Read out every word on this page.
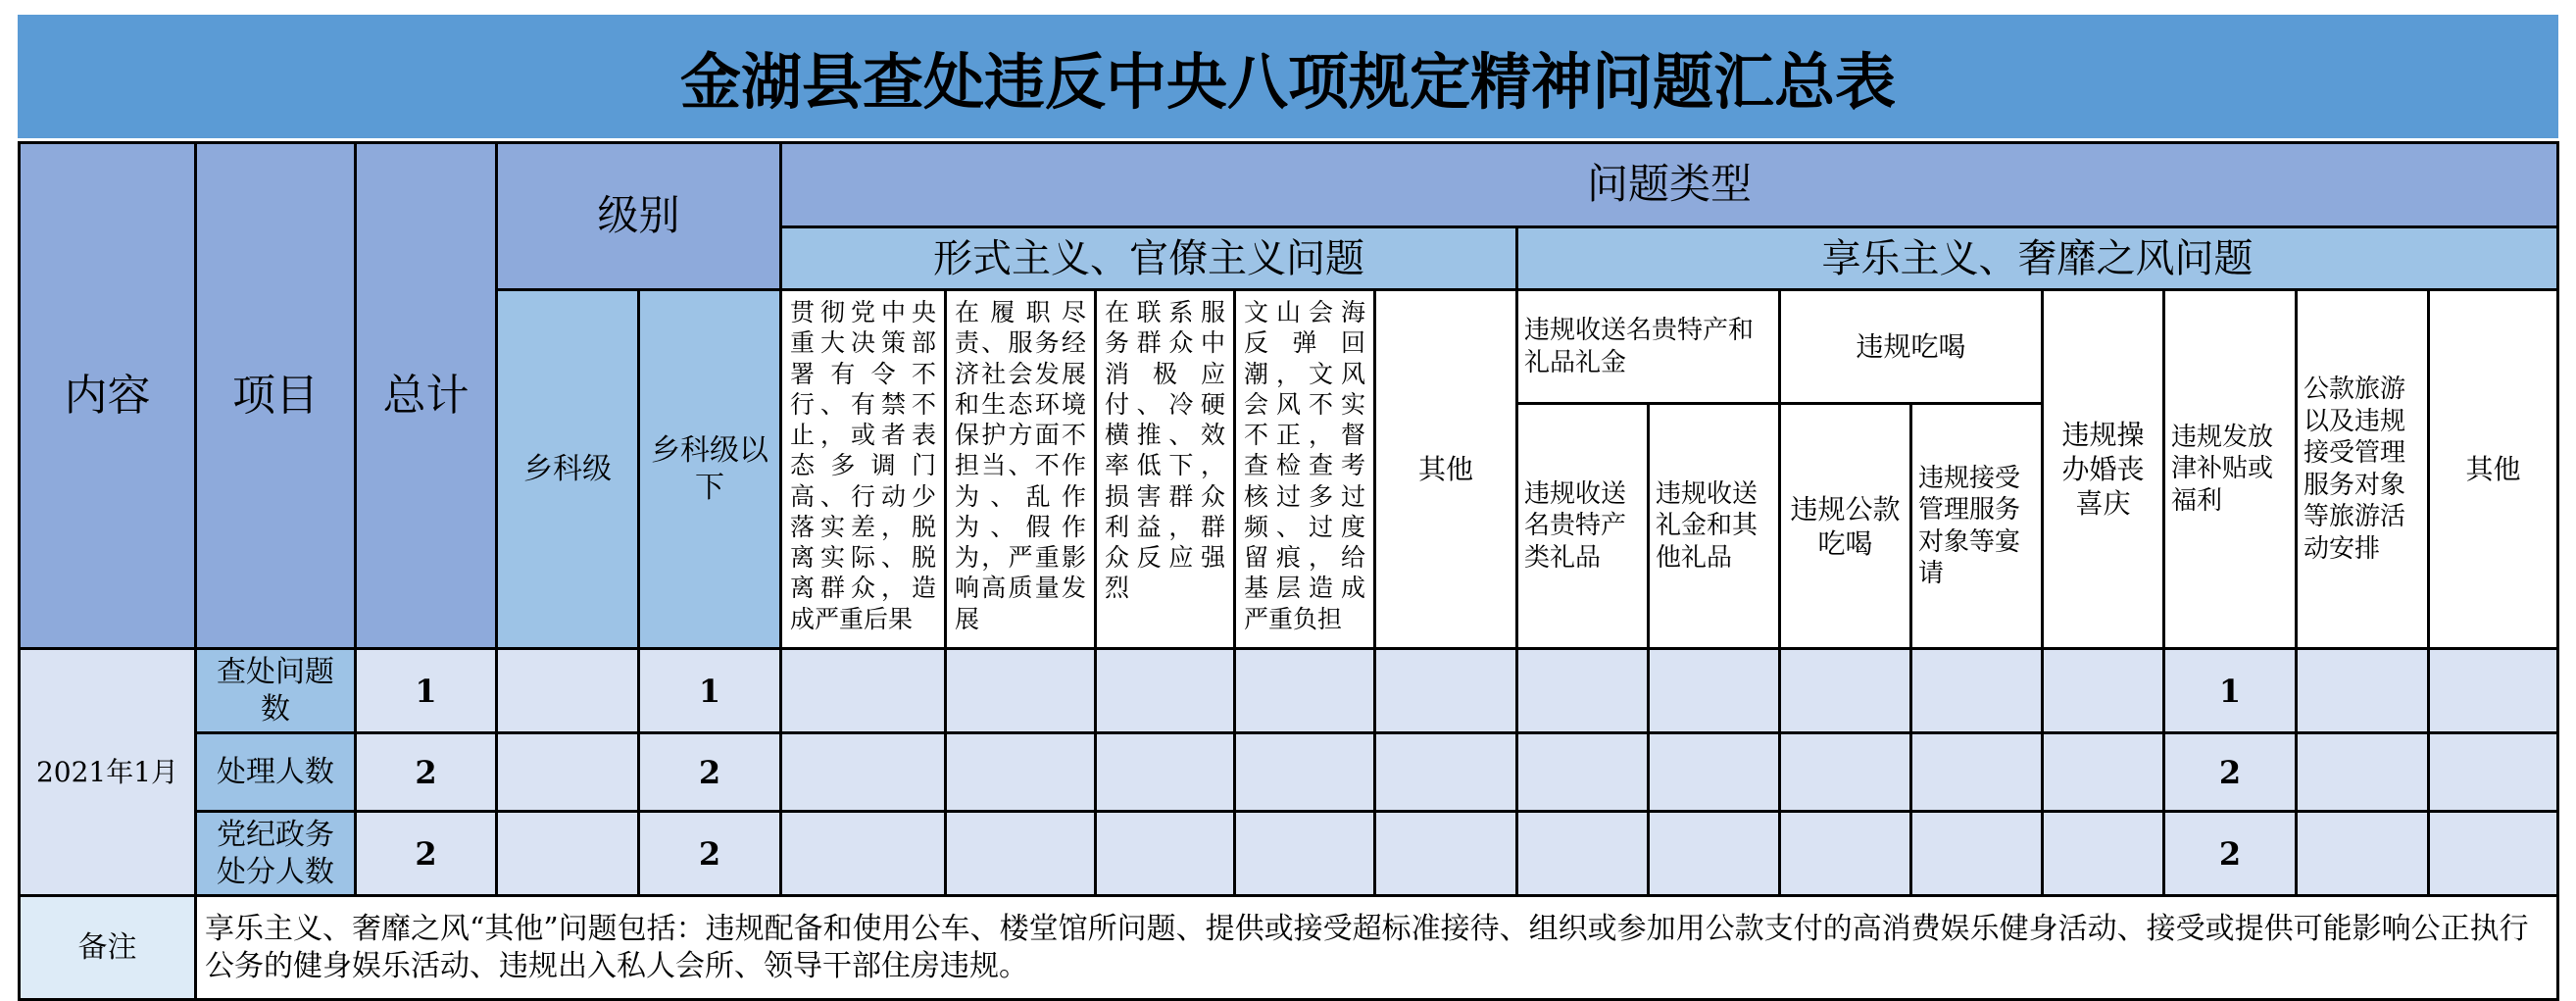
金湖县查处违反中央八项规定精神问题汇总表
内容	项目	总计	级别		问题类型												
					形式主义、官僚主义问题					享乐主义、奢靡之风问题							
			乡科级	乡科级以下	贯彻党中央重大决策部署有令不行、有禁不止，或者表态多调门高、行动少落实差，脱离实际、脱离群众，造成严重后果	在履职尽责、服务经济社会发展和生态环境保护方面不担当、不作为、乱作为、假作为，严重影响高质量发展	在联系服务群众中消极应付、冷硬横推、效率低下，损害群众利益，群众反应强烈	文山会海反弹回潮，文风会风不实不正，督查检查考核过多过频、过度留痕，给基层造成严重负担	其他	违规收送名贵特产和礼品礼金		违规吃喝		违规操办婚丧喜庆	违规发放津补贴或福利	公款旅游以及违规接受管理服务对象等旅游活动安排	其他
										违规收送名贵特产类礼品	违规收送礼金和其他礼品	违规公款吃喝	违规接受管理服务对象等宴请				
2021年1月	查处问题数	1		1											1		
	处理人数	2		2											2		
	党纪政务处分人数	2		2											2		
备注	享乐主义、奢靡之风“其他”问题包括：违规配备和使用公车、楼堂馆所问题、提供或接受超标准接待、组织或参加用公款支付的高消费娱乐健身活动、接受或提供可能影响公正执行公务的健身娱乐活动、违规出入私人会所、领导干部住房违规。																
